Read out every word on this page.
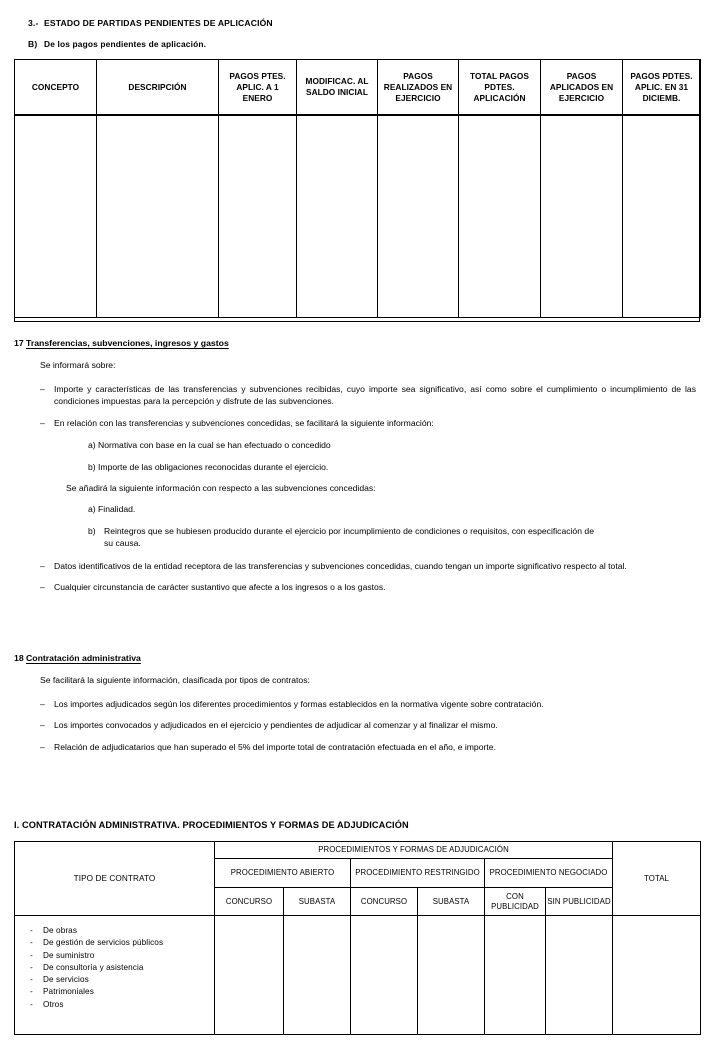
3.- ESTADO DE PARTIDAS PENDIENTES DE APLICACIÓN
B) De los pagos pendientes de aplicación.
CONCEPTO	DESCRIPCIÓN	PAGOS PTES. APLIC. A 1 ENERO	MODIFICAC. AL SALDO INICIAL	PAGOS REALIZADOS EN EJERCICIO	TOTAL PAGOS PDTES. APLICACIÓN	PAGOS APLICADOS EN EJERCICIO	PAGOS PDTES. APLIC. EN 31 DICIEMB.

17 Transferencias, subvenciones, ingresos y gastos
Se informará sobre:
–	Importe y características de las transferencias y subvenciones recibidas, cuyo importe sea significativo, así como sobre el cumplimiento o incumplimiento de las condiciones impuestas para la percepción y disfrute de las subvenciones.
–	En relación con las transferencias y subvenciones concedidas, se facilitará la siguiente información:
a) Normativa con base en la cual se han efectuado o concedido
b) Importe de las obligaciones reconocidas durante el ejercicio.
Se añadirá la siguiente información con respecto a las subvenciones concedidas:
a) Finalidad.
b) Reintegros que se hubiesen producido durante el ejercicio por incumplimiento de condiciones o requisitos, con especificación de su causa.
–	Datos identificativos de la entidad receptora de las transferencias y subvenciones concedidas, cuando tengan un importe significativo respecto al total.
–	Cualquier circunstancia de carácter sustantivo que afecte a los ingresos o a los gastos.
18 Contratación administrativa
Se facilitará la siguiente información, clasificada por tipos de contratos:
–	Los importes adjudicados según los diferentes procedimientos y formas establecidos en la normativa vigente sobre contratación.
–	Los importes convocados y adjudicados en el ejercicio y pendientes de adjudicar al comenzar y al finalizar el mismo.
–	Relación de adjudicatarios que han superado el 5% del importe total de contratación efectuada en el año, e importe.
I. CONTRATACIÓN ADMINISTRATIVA. PROCEDIMIENTOS Y FORMAS DE ADJUDICACIÓN
TIPO DE CONTRATO	PROCEDIMIENTOS Y FORMAS DE ADJUDICACIÓN						TOTAL
	PROCEDIMIENTO ABIERTO		PROCEDIMIENTO RESTRINGIDO		PROCEDIMIENTO NEGOCIADO		
	CONCURSO	SUBASTA	CONCURSO	SUBASTA	CON PUBLICIDAD	SIN PUBLICIDAD	

-	De obras
-	De gestión de servicios públicos
-	De suministro
-	De consultoría y asistencia
-	De servicios
-	Patrimoniales
-	Otros
